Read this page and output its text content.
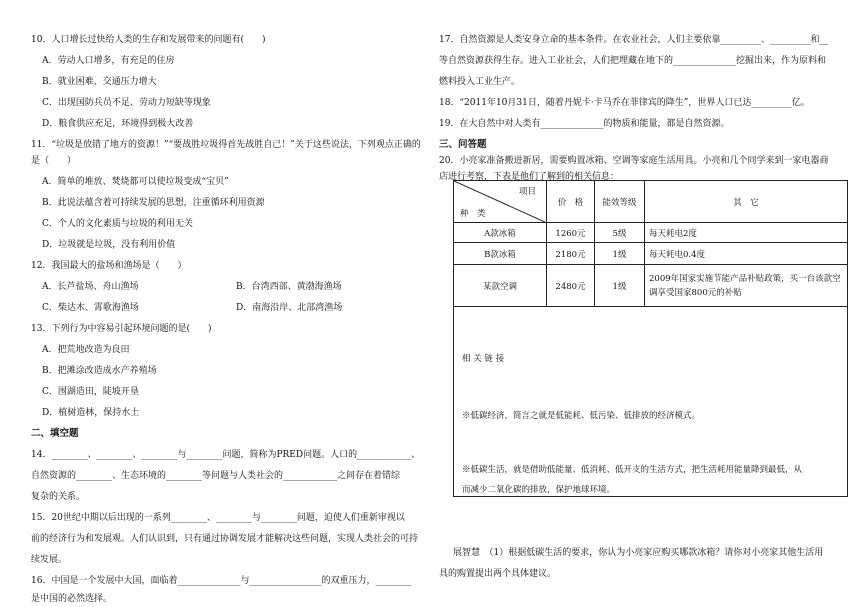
10．人口增长过快给人类的生存和发展带来的问题有(　　)
A．劳动人口增多，有充足的住房
B．就业困难、交通压力增大
C．出现国防兵员不足、劳动力短缺等现象
D．粮食供应充足，环境得到极大改善
11．“垃圾是放错了地方的资源！”“要战胜垃圾得首先战胜自己！”关于这些说法，下列观点正确的
是（　　）
A．简单的堆放、焚烧都可以使垃圾变成“宝贝”
B．此说法蕴含着可持续发展的思想，注重循环利用资源
C．个人的文化素质与垃圾的利用无关
D．垃圾就是垃圾，没有利用价值
12．我国最大的盐场和渔场是（　　）
A．长芦盐场、舟山渔场	B．台湾西部、黄渤海渔场
C．柴达木、霄歌海渔场	D．南海沿岸、北部湾渔场
13．下列行为中容易引起环境问题的是(　　)
A．把荒地改造为良田
B．把滩涂改造成水产养殖场
C．围湖造田，陡坡开垦
D．植树造林，保持水土
二、填空题
14．________、________、________与________问题，简称为PRED问题。人口的____________、
自然资源的________、生态环境的________等问题与人类社会的____________之间存在着错综
复杂的关系。
15．20世纪中期以后出现的一系列________、________与________问题，迫使人们重新审视以
前的经济行为和发展观。人们认识到，只有通过协调发展才能解决这些问题，实现人类社会的可持
续发展。
16．中国是一个发展中大国，面临着______________与________________的双重压力，________
是中国的必然选择。
17．自然资源是人类安身立命的基本条件。在农业社会，人们主要依靠_________、_________和__
等自然资源获得生存。进入工业社会，人们把埋藏在地下的______________挖掘出来，作为原料和
燃料投入工业生产。
18．“2011年10月31日，随着丹妮卡·卡马乔在菲律宾的降生”，世界人口已达_________亿。
19．在大自然中对人类有______________的物质和能量，都是自然资源。
三、问答题
20．小亮家准备搬进新居，需要购置冰箱、空调等家庭生活用具。小亮和几个同学来到一家电器商
店进行考察，下表是他们了解到的相关信息：
项目
种　类	价　格	能效等级	其　它
A款冰箱	1260元	5级	每天耗电2度
B款冰箱	2180元	1级	每天耗电0.4度
某款空调	2480元	1级	2009年国家实施节能产品补贴政策，买一台该款空调享受国家800元的补贴

相 关 链 接

※低碳经济，简言之就是低能耗、低污染、低排放的经济模式。

※低碳生活，就是借助低能量、低消耗、低开支的生活方式，把生活耗用能量降到最低，从

而减少二氧化碳的排放，保护地球环境。			

展智慧　（1）根据低碳生活的要求，你认为小亮家应购买哪款冰箱？请你对小亮家其他生活用
具的购置提出两个具体建议。
